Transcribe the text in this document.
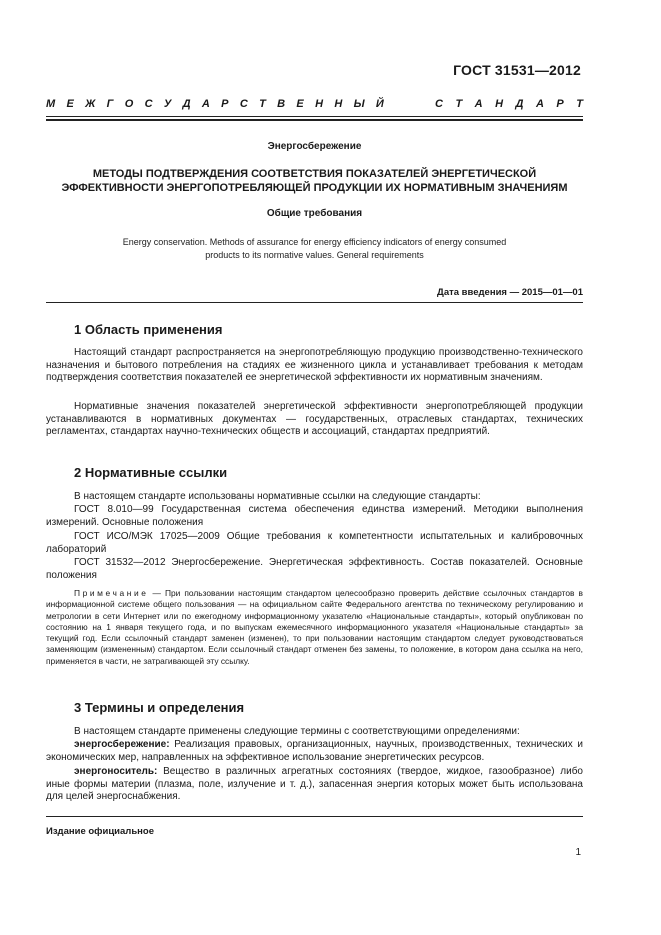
ГОСТ 31531—2012
М Е Ж Г О С У Д А Р С Т В Е Н Н Ы Й	С Т А Н Д А Р Т
Энергосбережение
МЕТОДЫ ПОДТВЕРЖДЕНИЯ СООТВЕТСТВИЯ ПОКАЗАТЕЛЕЙ ЭНЕРГЕТИЧЕСКОЙ
ЭФФЕКТИВНОСТИ ЭНЕРГОПОТРЕБЛЯЮЩЕЙ ПРОДУКЦИИ ИХ НОРМАТИВНЫМ ЗНАЧЕНИЯМ
Общие требования
Energy conservation. Methods of assurance for energy efficiency indicators of energy consumed
products to its normative values. General requirements
Дата введения — 2015—01—01
1 Область применения
Настоящий стандарт распространяется на энергопотребляющую продукцию производственно-технического назначения и бытового потребления на стадиях ее жизненного цикла и устанавливает требования к методам подтверждения соответствия показателей ее энергетической эффективности их нормативным значениям.
Нормативные значения показателей энергетической эффективности энергопотребляющей продукции устанавливаются в нормативных документах — государственных, отраслевых стандартах, технических регламентах, стандартах научно-технических обществ и ассоциаций, стандартах предприятий.
2 Нормативные ссылки
В настоящем стандарте использованы нормативные ссылки на следующие стандарты:
ГОСТ 8.010—99 Государственная система обеспечения единства измерений. Методики выполнения измерений. Основные положения
ГОСТ ИСО/МЭК 17025—2009 Общие требования к компетентности испытательных и калибровочных лабораторий
ГОСТ 31532—2012 Энергосбережение. Энергетическая эффективность. Состав показателей. Основные положения
Примечание — При пользовании настоящим стандартом целесообразно проверить действие ссылочных стандартов в информационной системе общего пользования — на официальном сайте Федерального агентства по техническому регулированию и метрологии в сети Интернет или по ежегодному информационному указателю «Национальные стандарты», который опубликован по состоянию на 1 января текущего года, и по выпускам ежемесячного информационного указателя «Национальные стандарты» за текущий год. Если ссылочный стандарт заменен (изменен), то при пользовании настоящим стандартом следует руководствоваться заменяющим (измененным) стандартом. Если ссылочный стандарт отменен без замены, то положение, в котором дана ссылка на него, применяется в части, не затрагивающей эту ссылку.
3 Термины и определения
В настоящем стандарте применены следующие термины с соответствующими определениями:
энергосбережение: Реализация правовых, организационных, научных, производственных, технических и экономических мер, направленных на эффективное использование энергетических ресурсов.
энергоноситель: Вещество в различных агрегатных состояниях (твердое, жидкое, газообразное) либо иные формы материи (плазма, поле, излучение и т. д.), запасенная энергия которых может быть использована для целей энергоснабжения.
Издание официальное
1
